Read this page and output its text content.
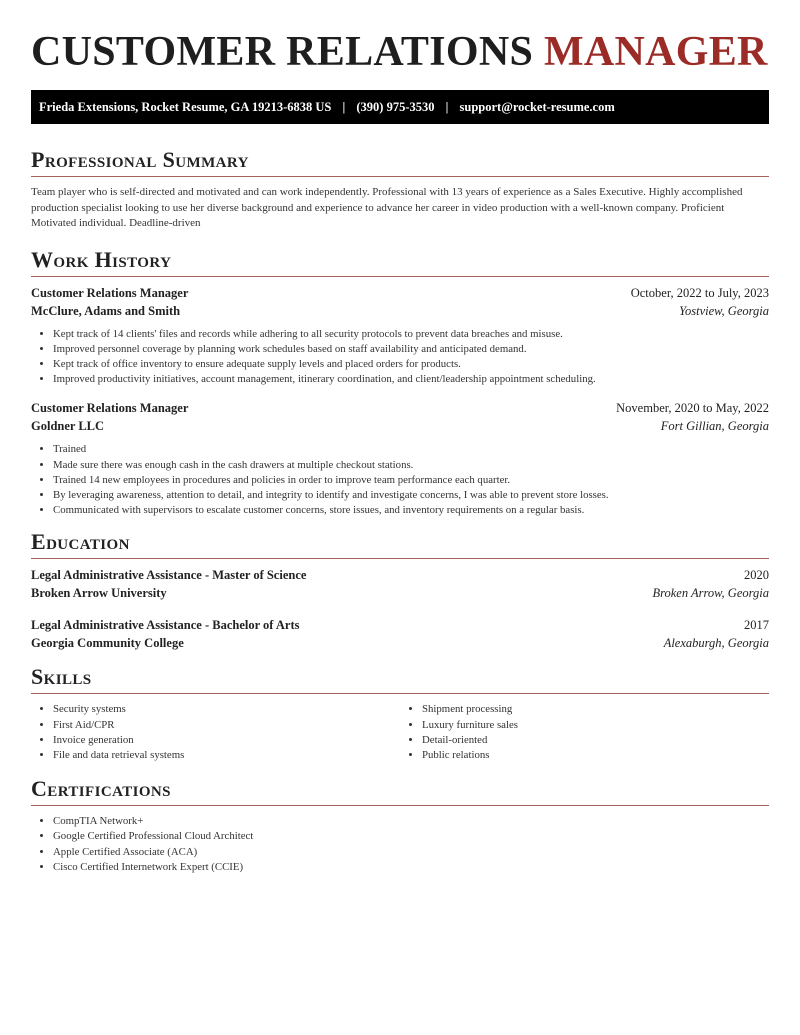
CUSTOMER RELATIONS MANAGER
Frieda Extensions, Rocket Resume, GA 19213-6838 US | (390) 975-3530 | support@rocket-resume.com
Professional Summary

Team player who is self-directed and motivated and can work independently. Professional with 13 years of experience as a Sales Executive. Highly accomplished production specialist looking to use her diverse background and experience to advance her career in video production with a well-known company. Proficient Motivated individual. Deadline-driven

Work History
Customer Relations Manager	October, 2022 to July, 2023
McClure, Adams and Smith	Yostview, Georgia
• Kept track of 14 clients' files and records while adhering to all security protocols to prevent data breaches and misuse.
• Improved personnel coverage by planning work schedules based on staff availability and anticipated demand.
• Kept track of office inventory to ensure adequate supply levels and placed orders for products.
• Improved productivity initiatives, account management, itinerary coordination, and client/leadership appointment scheduling.
Customer Relations Manager	November, 2020 to May, 2022
Goldner LLC	Fort Gillian, Georgia
• Trained
• Made sure there was enough cash in the cash drawers at multiple checkout stations.
• Trained 14 new employees in procedures and policies in order to improve team performance each quarter.
• By leveraging awareness, attention to detail, and integrity to identify and investigate concerns, I was able to prevent store losses.
• Communicated with supervisors to escalate customer concerns, store issues, and inventory requirements on a regular basis.
Education
Legal Administrative Assistance - Master of Science	2020
Broken Arrow University	Broken Arrow, Georgia
Legal Administrative Assistance - Bachelor of Arts	2017
Georgia Community College	Alexaburgh, Georgia
Skills
• Security systems
• First Aid/CPR
• Invoice generation
• File and data retrieval systems
• Shipment processing
• Luxury furniture sales
• Detail-oriented
• Public relations
Certifications
• CompTIA Network+
• Google Certified Professional Cloud Architect
• Apple Certified Associate (ACA)
• Cisco Certified Internetwork Expert (CCIE)
